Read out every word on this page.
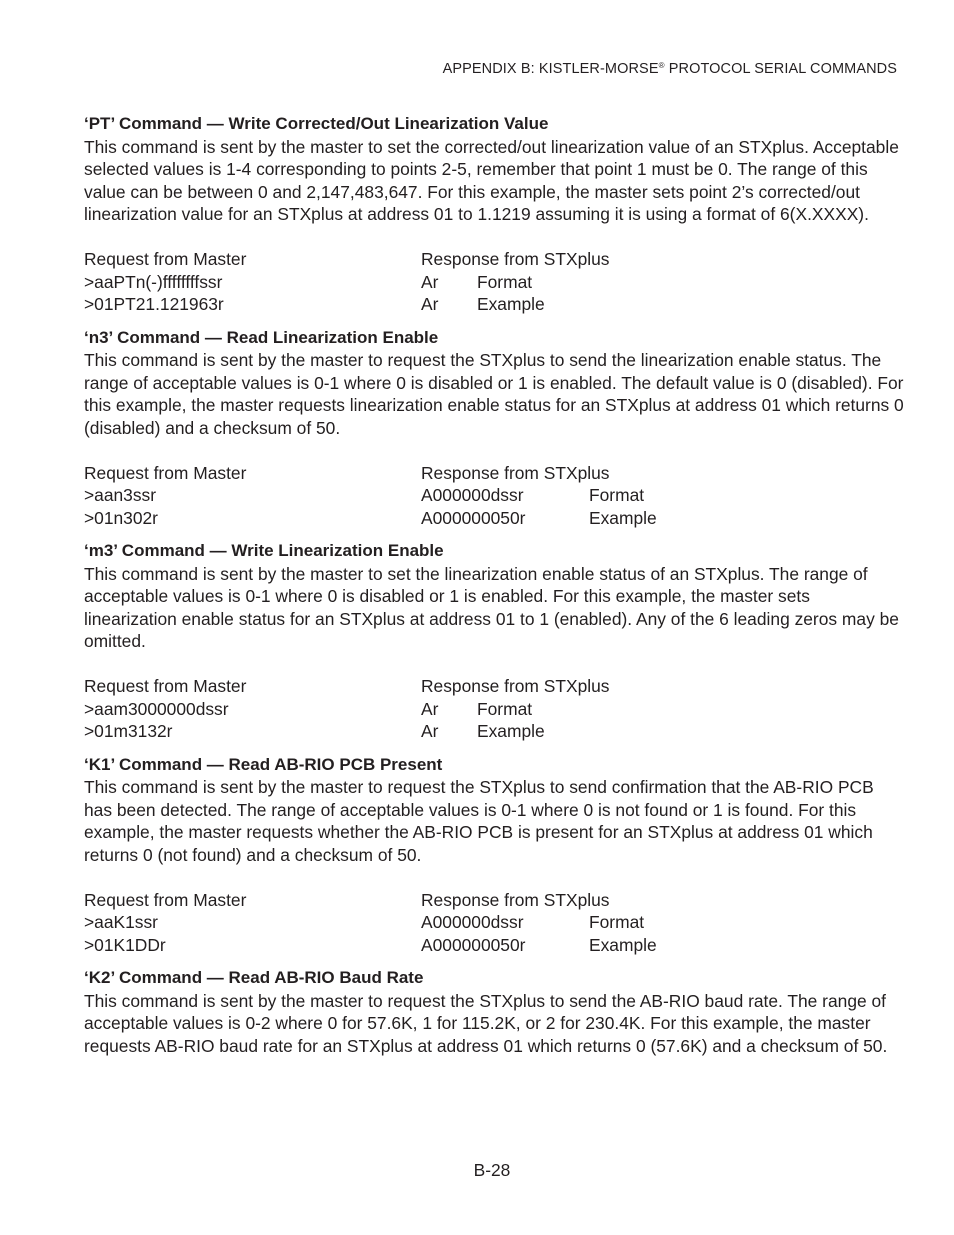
APPENDIX B: KISTLER-MORSE® PROTOCOL SERIAL COMMANDS

‘PT’ Command — Write Corrected/Out Linearization Value

This command is sent by the master to set the corrected/out linearization value of an STXplus. Acceptable selected values is 1-4 corresponding to points 2-5, remember that point 1 must be 0. The range of this value can be between 0 and 2,147,483,647. For this example, the master sets point 2’s corrected/out linearization value for an STXplus at address 01 to 1.1219 assuming it is using a format of 6(X.XXXX).

Request from Master	Response from STXplus
>aaPTn(-)ffffffffssr	Ar	Format
>01PT21.121963r	Ar	Example

‘n3’ Command — Read Linearization Enable

This command is sent by the master to request the STXplus to send the linearization enable status. The range of acceptable values is 0-1 where 0 is disabled or 1 is enabled. The default value is 0 (disabled). For this example, the master requests linearization enable status for an STXplus at address 01 which returns 0 (disabled) and a checksum of 50.

Request from Master	Response from STXplus
>aan3ssr	A000000dssr	Format
>01n302r	A000000050r	Example

‘m3’ Command — Write Linearization Enable

This command is sent by the master to set the linearization enable status of an STXplus. The range of acceptable values is 0-1 where 0 is disabled or 1 is enabled. For this example, the master sets linearization enable status for an STXplus at address 01 to 1 (enabled). Any of the 6 leading zeros may be omitted.

Request from Master	Response from STXplus
>aam3000000dssr	Ar	Format
>01m3132r	Ar	Example

‘K1’ Command — Read AB-RIO PCB Present

This command is sent by the master to request the STXplus to send confirmation that the AB-RIO PCB has been detected. The range of acceptable values is 0-1 where 0 is not found or 1 is found. For this example, the master requests whether the AB-RIO PCB is present for an STXplus at address 01 which returns 0 (not found) and a checksum of 50.

Request from Master	Response from STXplus
>aaK1ssr	A000000dssr	Format
>01K1DDr	A000000050r	Example

‘K2’ Command — Read AB-RIO Baud Rate

This command is sent by the master to request the STXplus to send the AB-RIO baud rate. The range of acceptable values is 0-2 where 0 for 57.6K, 1 for 115.2K, or 2 for 230.4K. For this example, the master requests AB-RIO baud rate for an STXplus at address 01 which returns 0 (57.6K) and a checksum of 50.

B-28
